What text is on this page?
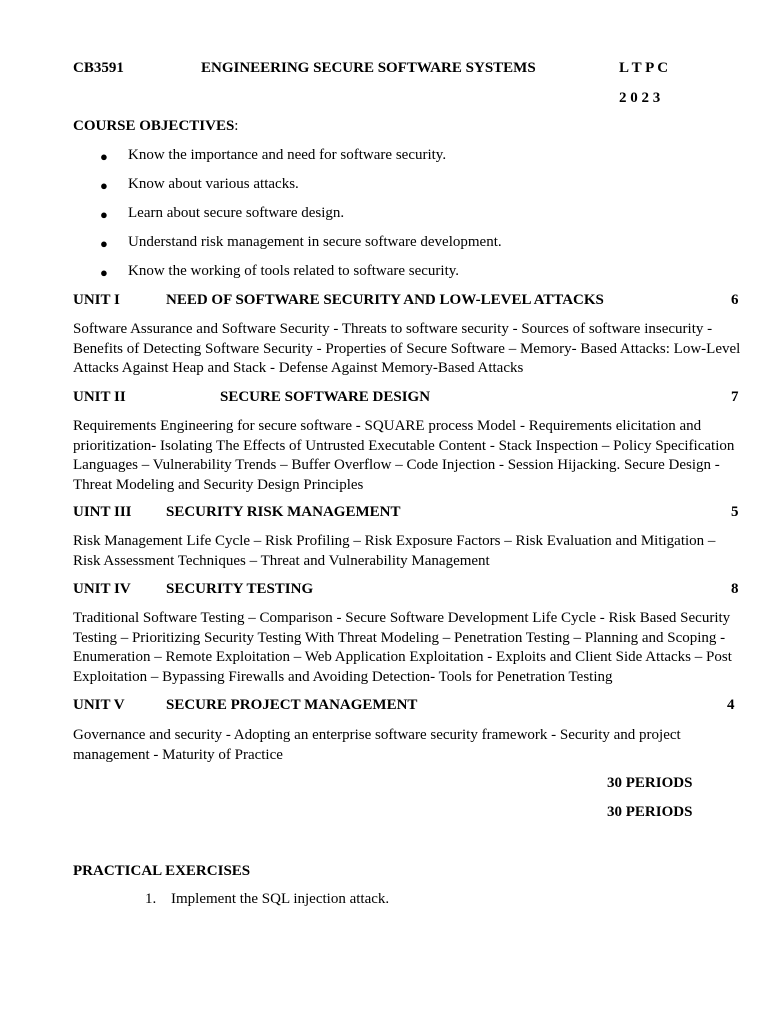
CB3591	ENGINEERING SECURE SOFTWARE SYSTEMS	L T P C
2 0 2 3
COURSE OBJECTIVES:
● Know the importance and need for software security.
● Know about various attacks.
● Learn about secure software design.
● Understand risk management in secure software development.
● Know the working of tools related to software security.
UNIT I	NEED OF SOFTWARE SECURITY AND LOW-LEVEL ATTACKS	6
Software Assurance and Software Security - Threats to software security - Sources of software insecurity - Benefits of Detecting Software Security - Properties of Secure Software – Memory- Based Attacks: Low-Level Attacks Against Heap and Stack - Defense Against Memory-Based Attacks
UNIT II	SECURE SOFTWARE DESIGN	7
Requirements Engineering for secure software - SQUARE process Model - Requirements elicitation and prioritization- Isolating The Effects of Untrusted Executable Content - Stack Inspection – Policy Specification Languages – Vulnerability Trends – Buffer Overflow – Code Injection - Session Hijacking. Secure Design - Threat Modeling and Security Design Principles
UINT III SECURITY RISK MANAGEMENT	5
Risk Management Life Cycle – Risk Profiling – Risk Exposure Factors – Risk Evaluation and Mitigation – Risk Assessment Techniques – Threat and Vulnerability Management
UNIT IV SECURITY TESTING	8
Traditional Software Testing – Comparison - Secure Software Development Life Cycle - Risk Based Security Testing – Prioritizing Security Testing With Threat Modeling – Penetration Testing – Planning and Scoping - Enumeration – Remote Exploitation – Web Application Exploitation - Exploits and Client Side Attacks – Post Exploitation – Bypassing Firewalls and Avoiding Detection- Tools for Penetration Testing
UNIT V	SECURE PROJECT MANAGEMENT	4
Governance and security - Adopting an enterprise software security framework - Security and project management - Maturity of Practice
30 PERIODS
30 PERIODS
PRACTICAL EXERCISES
1. Implement the SQL injection attack.
